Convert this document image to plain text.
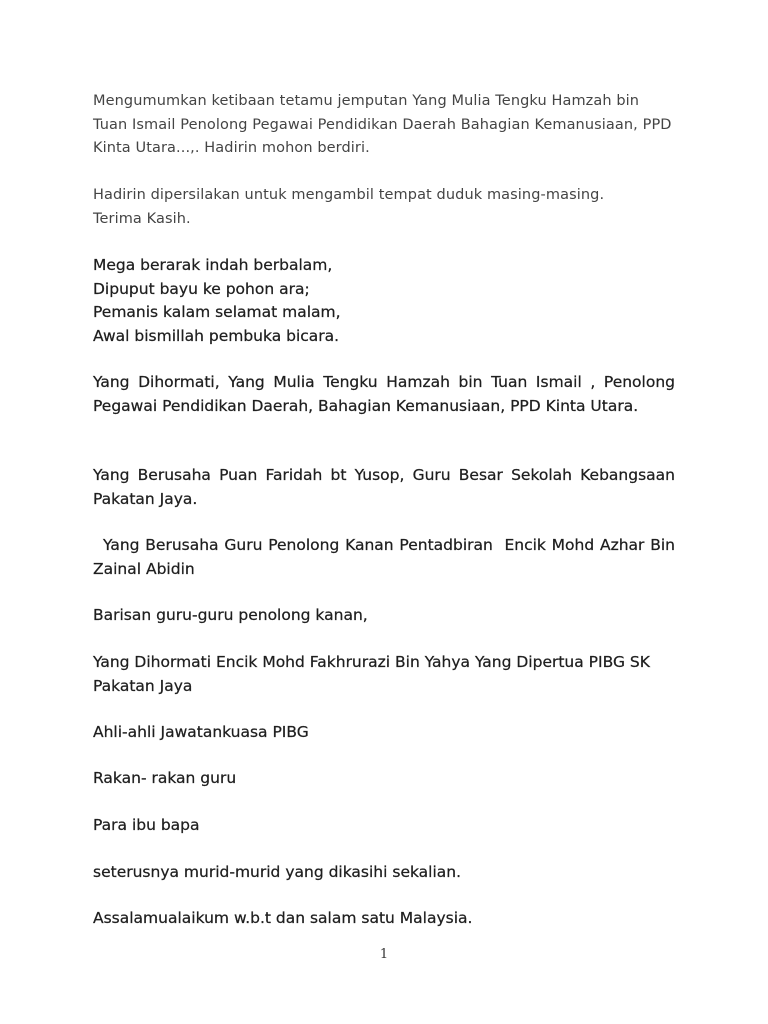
Mengumumkan ketibaan tetamu jemputan Yang Mulia Tengku Hamzah bin Tuan Ismail Penolong Pegawai Pendidikan Daerah Bahagian Kemanusiaan, PPD Kinta Utara...,. Hadirin mohon berdiri.

Hadirin dipersilakan untuk mengambil tempat duduk masing-masing.
Terima Kasih.

Mega berarak indah berbalam,
Dipuput bayu ke pohon ara;
Pemanis kalam selamat malam,
Awal bismillah pembuka bicara.

Yang Dihormati, Yang Mulia Tengku Hamzah bin Tuan Ismail , Penolong Pegawai Pendidikan Daerah, Bahagian Kemanusiaan, PPD Kinta Utara.

Yang Berusaha Puan Faridah bt Yusop, Guru Besar Sekolah Kebangsaan Pakatan Jaya.

Yang Berusaha Guru Penolong Kanan Pentadbiran  Encik Mohd Azhar Bin Zainal Abidin

Barisan guru-guru penolong kanan,

Yang Dihormati Encik Mohd Fakhrurazi Bin Yahya Yang Dipertua PIBG SK Pakatan Jaya

Ahli-ahli Jawatankuasa PIBG

Rakan- rakan guru

Para ibu bapa

seterusnya murid-murid yang dikasihi sekalian.

Assalamualaikum w.b.t dan salam satu Malaysia.

1
